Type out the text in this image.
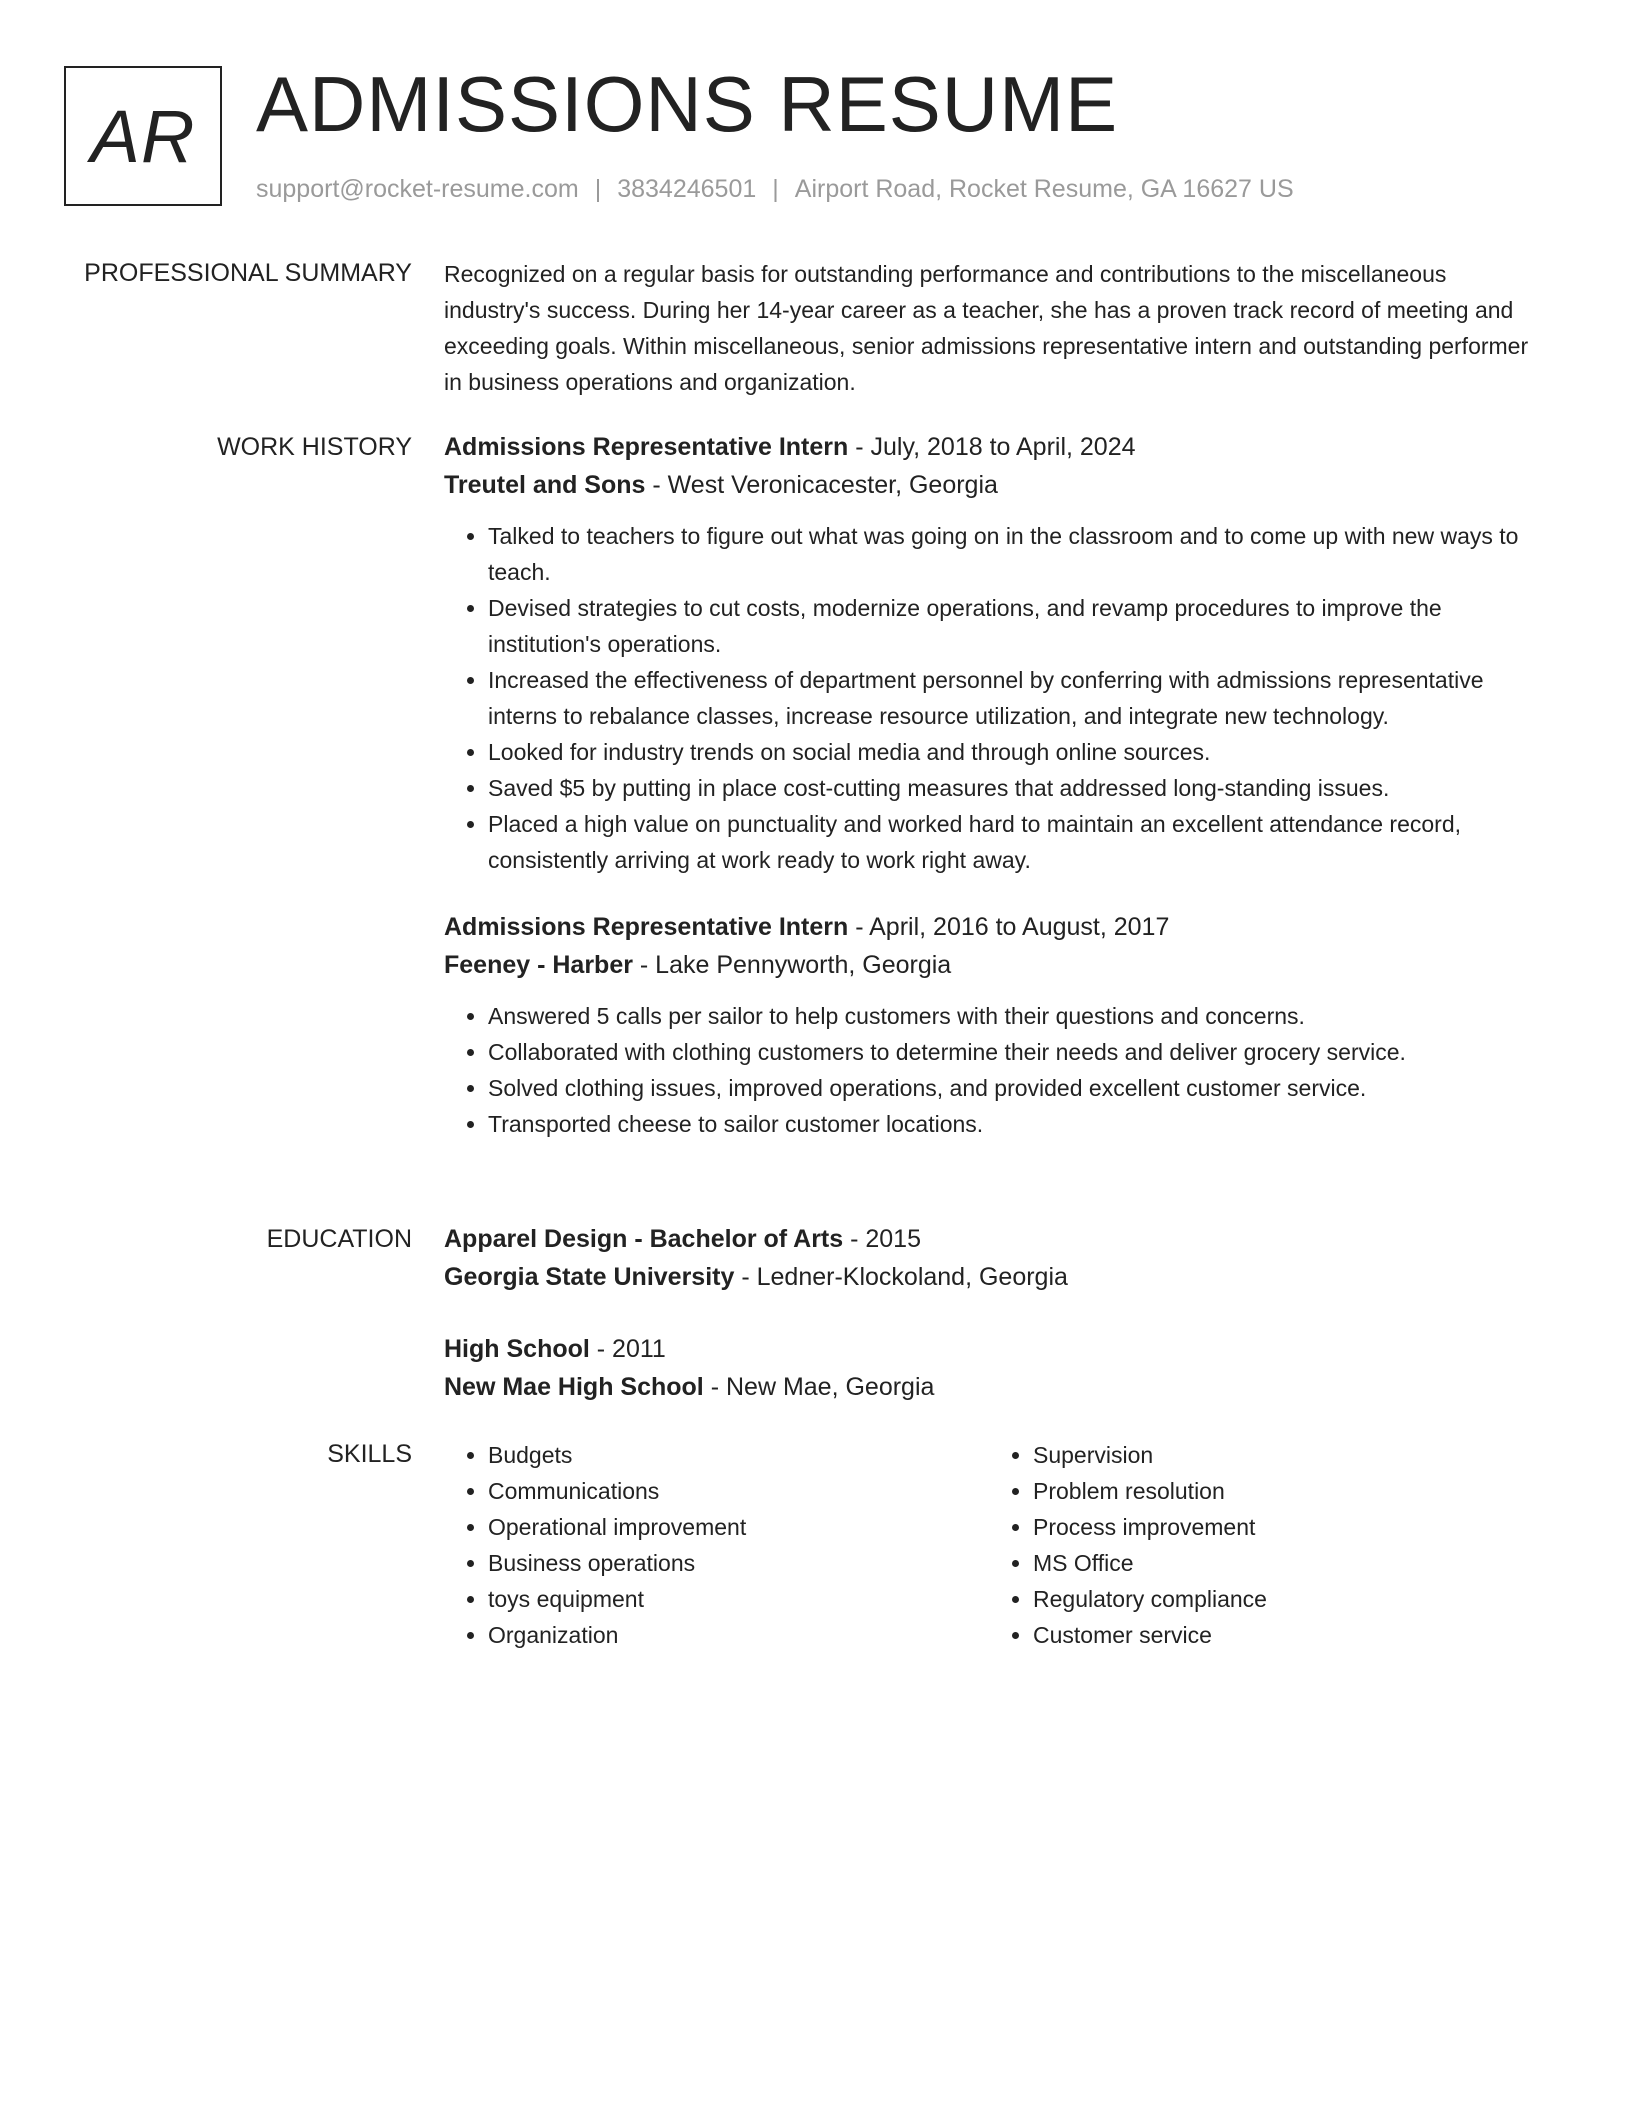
AR ADMISSIONS RESUME
support@rocket-resume.com | 3834246501 | Airport Road, Rocket Resume, GA 16627 US
PROFESSIONAL SUMMARY Recognized on a regular basis for outstanding performance and contributions to the miscellaneous industry's success. During her 14-year career as a teacher, she has a proven track record of meeting and exceeding goals. Within miscellaneous, senior admissions representative intern and outstanding performer in business operations and organization.

WORK HISTORY Admissions Representative Intern - July, 2018 to April, 2024
Treutel and Sons - West Veronicacester, Georgia
• Talked to teachers to figure out what was going on in the classroom and to come up with new ways to teach.
• Devised strategies to cut costs, modernize operations, and revamp procedures to improve the institution's operations.
• Increased the effectiveness of department personnel by conferring with admissions representative interns to rebalance classes, increase resource utilization, and integrate new technology.
• Looked for industry trends on social media and through online sources.
• Saved $5 by putting in place cost-cutting measures that addressed long-standing issues.
• Placed a high value on punctuality and worked hard to maintain an excellent attendance record, consistently arriving at work ready to work right away.
Admissions Representative Intern - April, 2016 to August, 2017
Feeney - Harber - Lake Pennyworth, Georgia
• Answered 5 calls per sailor to help customers with their questions and concerns.
• Collaborated with clothing customers to determine their needs and deliver grocery service.
• Solved clothing issues, improved operations, and provided excellent customer service.
• Transported cheese to sailor customer locations.
EDUCATION Apparel Design - Bachelor of Arts - 2015
Georgia State University - Ledner-Klockoland, Georgia
High School - 2011
New Mae High School - New Mae, Georgia
SKILLS
•	Budgets
• Communications
• Operational improvement
• Business operations
• toys equipment
• Organization
• Supervision
• Problem resolution
• Process improvement
• MS Office
• Regulatory compliance
• Customer service
